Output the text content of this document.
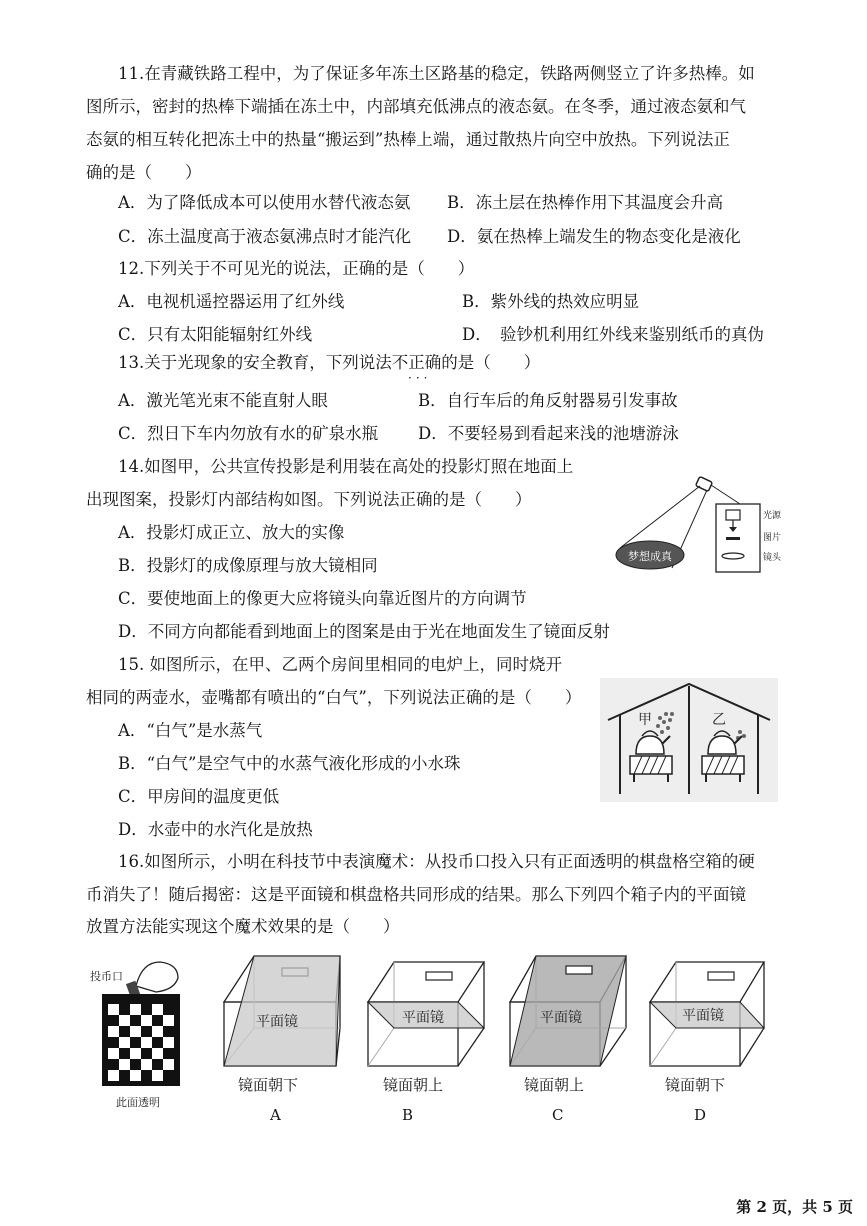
11.在青藏铁路工程中，为了保证多年冻土区路基的稳定，铁路两侧竖立了许多热棒。如
图所示，密封的热棒下端插在冻土中，内部填充低沸点的液态氨。在冬季，通过液态氨和气
态氨的相互转化把冻土中的热量“搬运到”热棒上端，通过散热片向空中放热。下列说法正
确的是（　　）
A．为了降低成本可以使用水替代液态氨 B．冻土层在热棒作用下其温度会升高
C．冻土温度高于液态氨沸点时才能汽化 D．氨在热棒上端发生的物态变化是液化
12.下列关于不可见光的说法，正确的是（　　）
A．电视机遥控器运用了红外线	B．紫外线的热效应明显
C．只有太阳能辐射红外线	D．　验钞机利用红外线来鉴别纸币的真伪
13.关于光现象的安全教育，下列说法不正确的是（　　）
···
A．激光笔光束不能直射人眼	B．自行车后的角反射器易引发事故
C．烈日下车内勿放有水的矿泉水瓶 D．不要轻易到看起来浅的池塘游泳
14.如图甲，公共宣传投影是利用装在高处的投影灯照在地面上
出现图案，投影灯内部结构如图。下列说法正确的是（　　）
A．投影灯成正立、放大的实像
B．投影灯的成像原理与放大镜相同
C．要使地面上的像更大应将镜头向靠近图片的方向调节
D．不同方向都能看到地面上的图案是由于光在地面发生了镜面反射
梦想成真
光源
图片
镜头
15. 如图所示，在甲、乙两个房间里相同的电炉上，同时烧开
相同的两壶水，壶嘴都有喷出的“白气”，下列说法正确的是（　　）
A．“白气”是水蒸气
B．“白气”是空气中的水蒸气液化形成的小水珠
C．甲房间的温度更低
D．水壶中的水汽化是放热
甲	乙
16.如图所示，小明在科技节中表演魔术：从投币口投入只有正面透明的棋盘格空箱的硬
币消失了！随后揭密：这是平面镜和棋盘格共同形成的结果。那么下列四个箱子内的平面镜
放置方法能实现这个魔术效果的是（　　）
投币口
此面透明
平面镜
镜面朝下
A
平面镜
镜面朝上
B
平面镜
镜面朝上
C
平面镜
镜面朝下
D
第 2 页，共 5 页
